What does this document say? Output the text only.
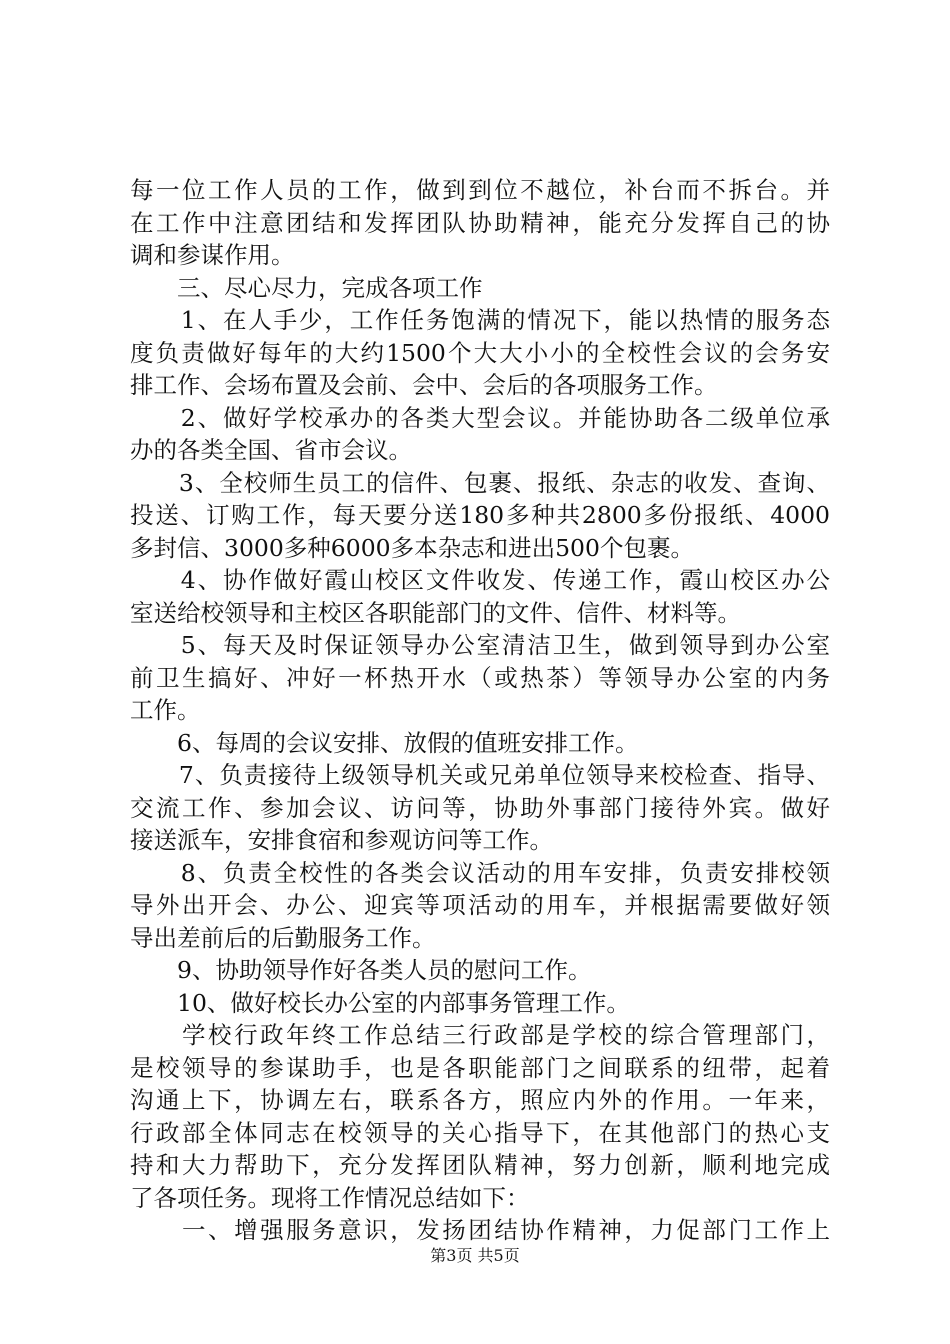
每一位工作人员的工作，做到到位不越位，补台而不拆台。并
在工作中注意团结和发挥团队协助精神，能充分发挥自己的协
调和参谋作用。
　　三、尽心尽力，完成各项工作
　　1、在人手少，工作任务饱满的情况下，能以热情的服务态
度负责做好每年的大约1500个大大小小的全校性会议的会务安
排工作、会场布置及会前、会中、会后的各项服务工作。
　　2、做好学校承办的各类大型会议。并能协助各二级单位承
办的各类全国、省市会议。
　　3、全校师生员工的信件、包裹、报纸、杂志的收发、查询、
投送、订购工作，每天要分送180多种共2800多份报纸、4000
多封信、3000多种6000多本杂志和进出500个包裹。
　　4、协作做好霞山校区文件收发、传递工作，霞山校区办公
室送给校领导和主校区各职能部门的文件、信件、材料等。
　　5、每天及时保证领导办公室清洁卫生，做到领导到办公室
前卫生搞好、冲好一杯热开水（或热茶）等领导办公室的内务
工作。
　　6、每周的会议安排、放假的值班安排工作。
　　7、负责接待上级领导机关或兄弟单位领导来校检查、指导、
交流工作、参加会议、访问等，协助外事部门接待外宾。做好
接送派车，安排食宿和参观访问等工作。
　　8、负责全校性的各类会议活动的用车安排，负责安排校领
导外出开会、办公、迎宾等项活动的用车，并根据需要做好领
导出差前后的后勤服务工作。
　　9、协助领导作好各类人员的慰问工作。
　　10、做好校长办公室的内部事务管理工作。
　　学校行政年终工作总结三行政部是学校的综合管理部门，
是校领导的参谋助手，也是各职能部门之间联系的纽带，起着
沟通上下，协调左右，联系各方，照应内外的作用。一年来，
行政部全体同志在校领导的关心指导下，在其他部门的热心支
持和大力帮助下，充分发挥团队精神，努力创新，顺利地完成
了各项任务。现将工作情况总结如下：
　　一、增强服务意识，发扬团结协作精神，力促部门工作上
第3页 共5页
